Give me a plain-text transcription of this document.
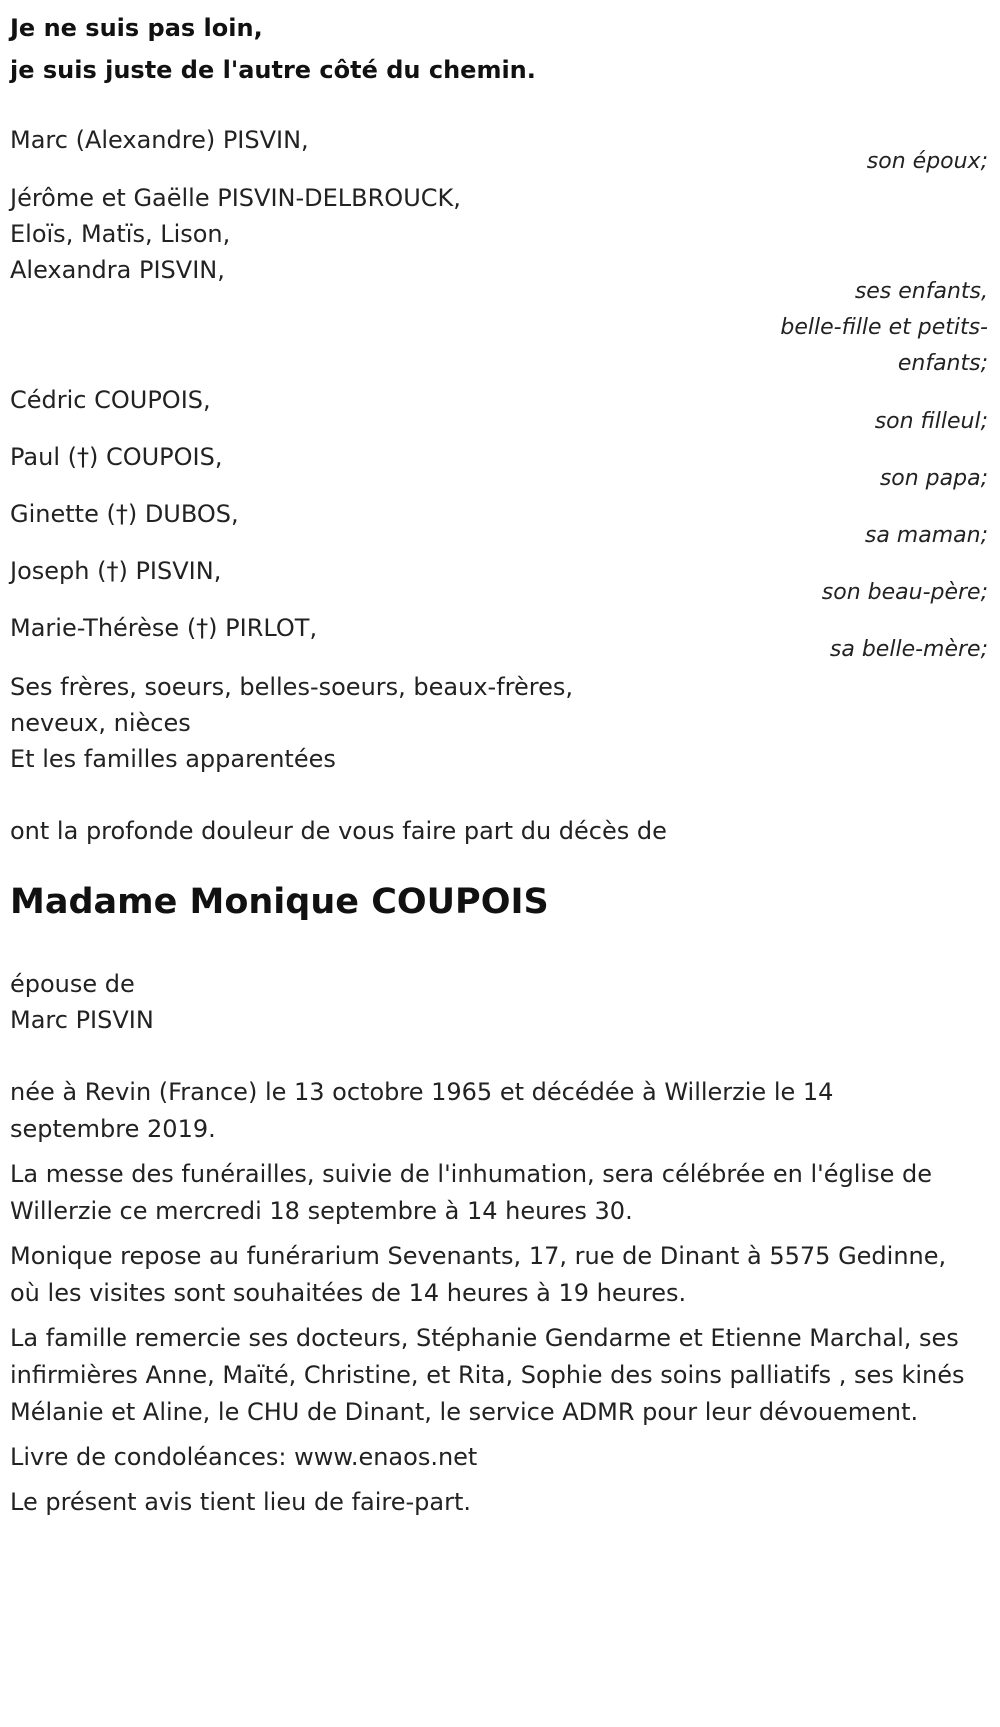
Je ne suis pas loin,
je suis juste de l'autre côté du chemin.
Marc (Alexandre) PISVIN,
son époux;
Jérôme et Gaëlle PISVIN-DELBROUCK,
Eloïs, Matïs, Lison,
Alexandra PISVIN,
ses enfants,
belle-fille et petits-
enfants;
Cédric COUPOIS,
son filleul;
Paul (†) COUPOIS,
son papa;
Ginette (†) DUBOS,
sa maman;
Joseph (†) PISVIN,
son beau-père;
Marie-Thérèse (†) PIRLOT,
sa belle-mère;
Ses frères, soeurs, belles-soeurs, beaux-frères,
neveux, nièces
Et les familles apparentées
ont la profonde douleur de vous faire part du décès de
Madame Monique COUPOIS
épouse de
Marc PISVIN

née à Revin (France) le 13 octobre 1965 et décédée à Willerzie le 14 septembre 2019.

La messe des funérailles, suivie de l'inhumation, sera célébrée en l'église de Willerzie ce mercredi 18 septembre à 14 heures 30.

Monique repose au funérarium Sevenants, 17, rue de Dinant à 5575 Gedinne, où les visites sont souhaitées de 14 heures à 19 heures.

La famille remercie ses docteurs, Stéphanie Gendarme et Etienne Marchal, ses infirmières Anne, Maïté, Christine, et Rita, Sophie des soins palliatifs , ses kinés Mélanie et Aline, le CHU de Dinant, le service ADMR pour leur dévouement.

Livre de condoléances: www.enaos.net

Le présent avis tient lieu de faire-part.
